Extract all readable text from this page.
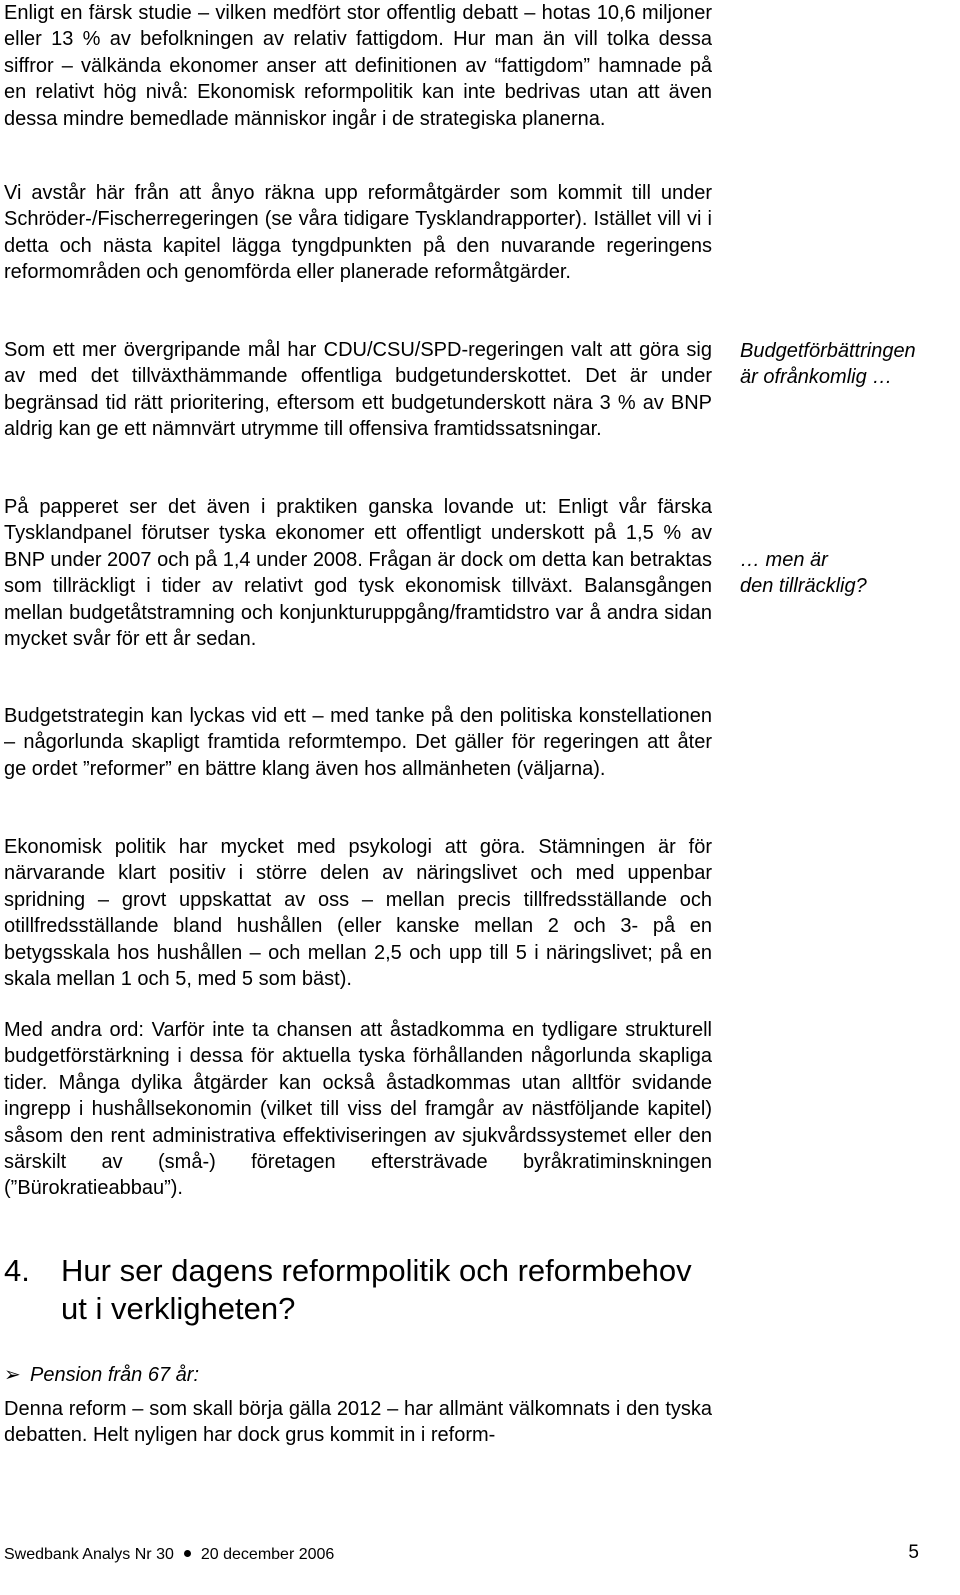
Enligt en färsk studie – vilken medfört stor offentlig debatt – hotas 10,6 miljoner eller 13 % av befolkningen av relativ fattigdom. Hur man än vill tolka dessa siffror – välkända ekonomer anser att definitionen av “fattigdom” hamnade på en relativt hög nivå: Ekonomisk reformpolitik kan inte bedrivas utan att även dessa mindre bemedlade människor ingår i de strategiska planerna.

Vi avstår här från att ånyo räkna upp reformåtgärder som kommit till under Schröder-/Fischerregeringen (se våra tidigare Tysklandrapporter). Istället vill vi i detta och nästa kapitel lägga tyngdpunkten på den nuvarande regeringens reformområden och genomförda eller planerade reformåtgärder.

Som ett mer övergripande mål har CDU/CSU/SPD-regeringen valt att göra sig av med det tillväxthämmande offentliga budgetunderskottet. Det är under begränsad tid rätt prioritering, eftersom ett budgetunderskott nära 3 % av BNP aldrig kan ge ett nämnvärt utrymme till offensiva framtidssatsningar.

På papperet ser det även i praktiken ganska lovande ut: Enligt vår färska Tysklandpanel förutser tyska ekonomer ett offentligt underskott på 1,5 % av BNP under 2007 och på 1,4 under 2008. Frågan är dock om detta kan betraktas som tillräckligt i tider av relativt god tysk ekonomisk tillväxt. Balansgången mellan budgetåtstramning och konjunkturuppgång/framtidstro var å andra sidan mycket svår för ett år sedan.

Budgetstrategin kan lyckas vid ett – med tanke på den politiska konstellationen – någorlunda skapligt framtida reformtempo. Det gäller för regeringen att åter ge ordet ”reformer” en bättre klang även hos allmänheten (väljarna).

Ekonomisk politik har mycket med psykologi att göra. Stämningen är för närvarande klart positiv i större delen av näringslivet och med uppenbar spridning – grovt uppskattat av oss – mellan precis tillfredsställande och otillfredsställande bland hushållen (eller kanske mellan 2 och 3- på en betygsskala hos hushållen – och mellan 2,5 och upp till 5 i näringslivet; på en skala mellan 1 och 5, med 5 som bäst).

Med andra ord: Varför inte ta chansen att åstadkomma en tydligare strukturell budgetförstärkning i dessa för aktuella tyska förhållanden någorlunda skapliga tider. Många dylika åtgärder kan också åstadkommas utan alltför svidande ingrepp i hushållsekonomin (vilket till viss del framgår av nästföljande kapitel) såsom den rent administrativa effektiviseringen av sjukvårdssystemet eller den särskilt av (små-) företagen eftersträvade byråkratiminskningen (”Bürokratieabbau”).

Denna reform – som skall börja gälla 2012 – har allmänt välkomnats i den tyska debatten. Helt nyligen har dock grus kommit in i reform-

Budgetförbättringen
är ofrånkomlig …
… men är
den tillräcklig?
4. Hur ser dagens reformpolitik och reformbehov ut i verkligheten?
➢ Pension från 67 år:
Swedbank Analys Nr 30 20 december 2006	5
